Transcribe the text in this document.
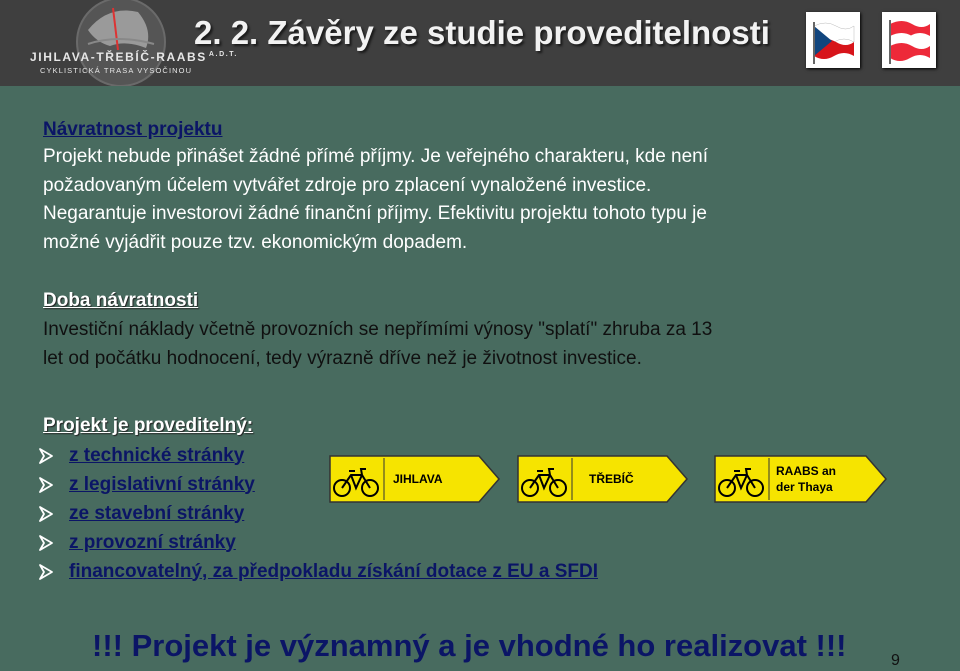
JIHLAVA-TŘEBÍČ-RAABS $^{A.D.T.}$
CYKLISTICKÁ TRASA VYSOČINOU
2. 2. Závěry ze studie proveditelnosti
Návratnost projektu
Projekt nebude přinášet žádné přímé příjmy. Je veřejného charakteru, kde není
požadovaným účelem vytvářet zdroje pro zplacení vynaložené investice.
Negarantuje investorovi žádné finanční příjmy. Efektivitu projektu tohoto typu je
možné vyjádřit pouze tzv. ekonomickým dopadem.
Doba návratnosti
Investiční náklady včetně provozních se nepřímími výnosy "splatí" zhruba za 13
let od počátku hodnocení, tedy výrazně dříve než je životnost investice.
Projekt je proveditelný:
z technické stránky
z legislativní stránky
ze stavební stránky
z provozní stránky
financovatelný, za předpokladu získání dotace z EU a SFDI
JIHLAVA	TŘEBÍČ
RAABS an
der Thaya
!!! Projekt je významný a je vhodné ho realizovat !!!	9
